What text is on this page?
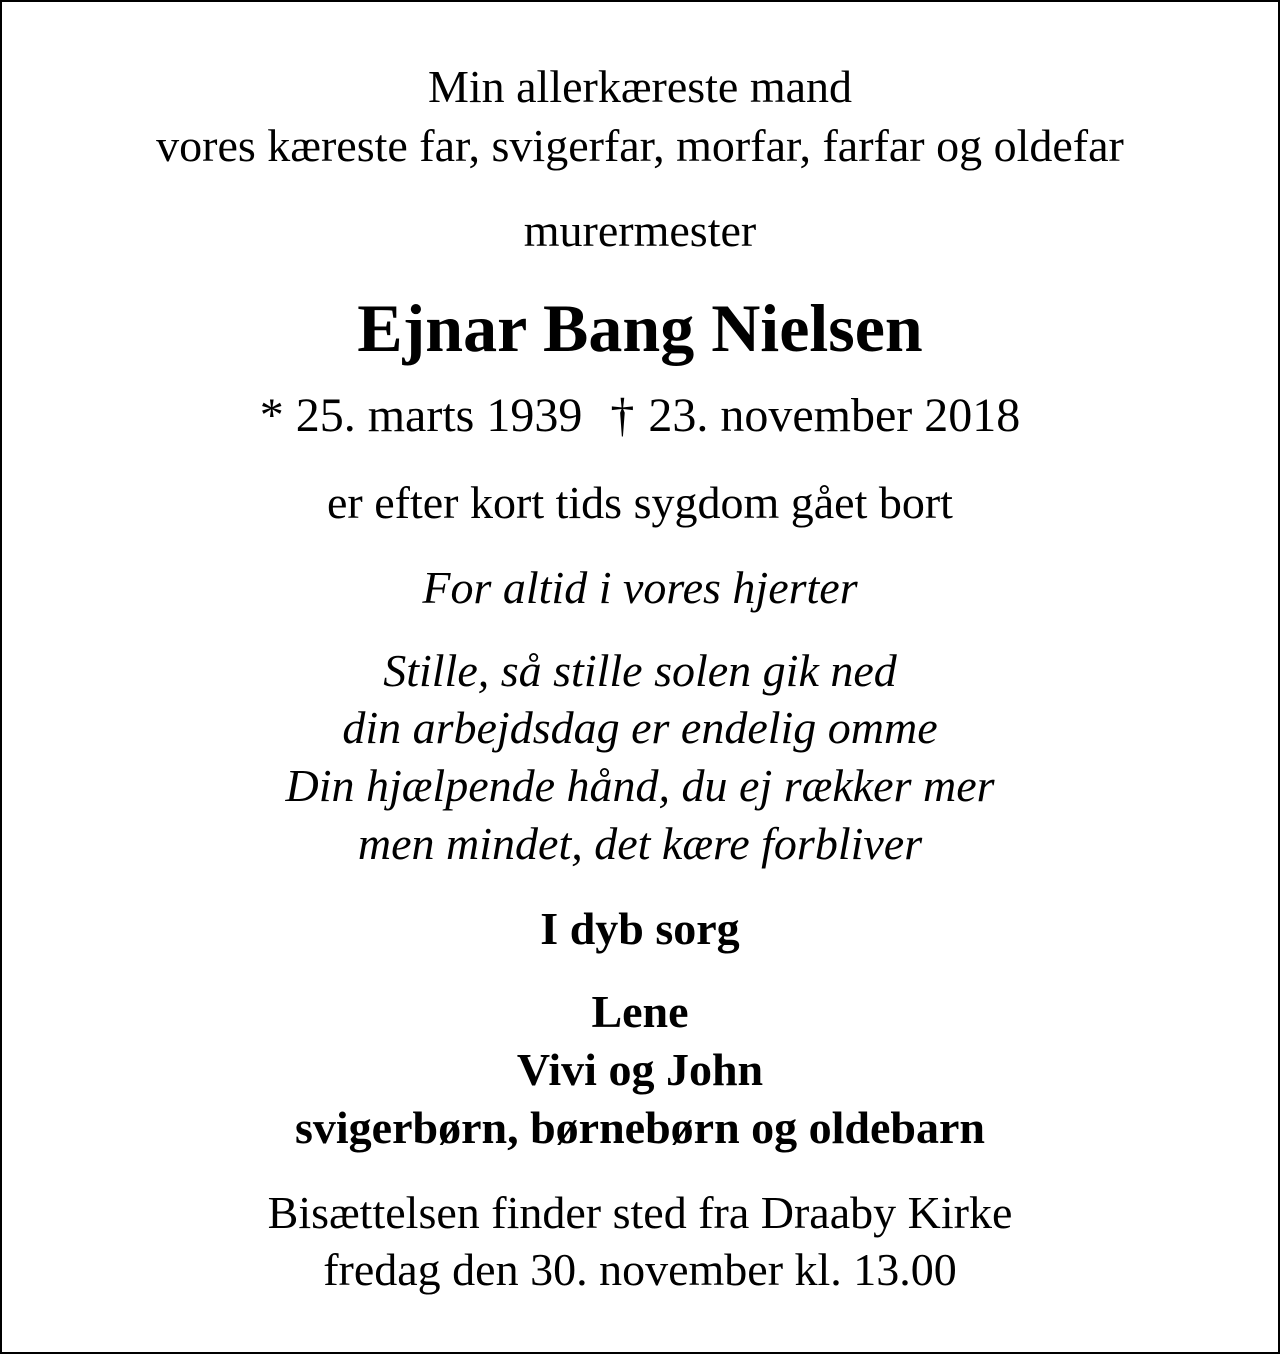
Min allerkæreste mand
vores kæreste far, svigerfar, morfar, farfar og oldefar
murermester
Ejnar Bang Nielsen
* 25. marts 1939 † 23. november 2018
er efter kort tids sygdom gået bort
For altid i vores hjerter
Stille, så stille solen gik ned
din arbejdsdag er endelig omme
Din hjælpende hånd, du ej rækker mer
men mindet, det kære forbliver
I dyb sorg
Lene
Vivi og John
svigerbørn, børnebørn og oldebarn
Bisættelsen finder sted fra Draaby Kirke
fredag den 30. november kl. 13.00
